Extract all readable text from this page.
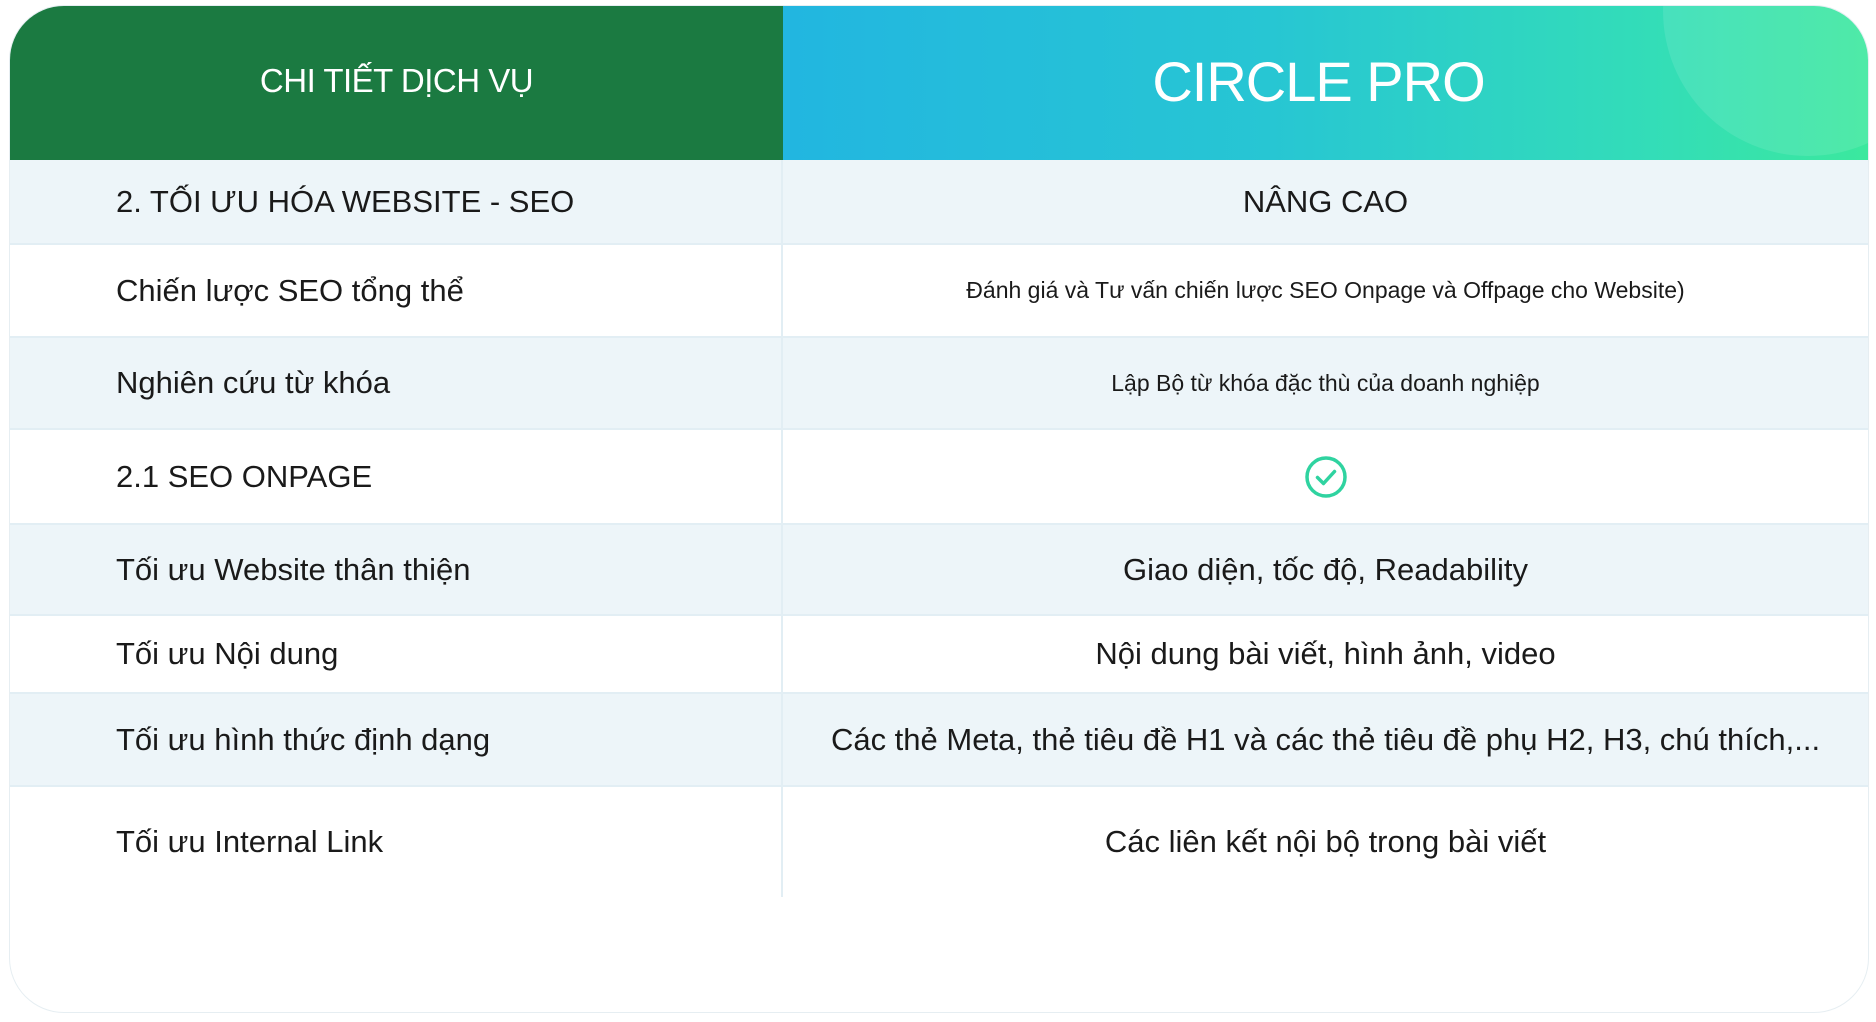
CHI TIẾT DỊCH VỤ	CIRCLE PRO
2. TỐI ƯU HÓA WEBSITE - SEO	NÂNG CAO
Chiến lược SEO tổng thể	Đánh giá và Tư vấn chiến lược SEO Onpage và Offpage cho Website)
Nghiên cứu từ khóa	Lập Bộ từ khóa đặc thù của doanh nghiệp
2.1 SEO ONPAGE
Tối ưu Website thân thiện	Giao diện, tốc độ, Readability
Tối ưu Nội dung	Nội dung bài viết, hình ảnh, video
Tối ưu hình thức định dạng	Các thẻ Meta, thẻ tiêu đề H1 và các thẻ tiêu đề phụ H2, H3, chú thích,...
Tối ưu Internal Link	Các liên kết nội bộ trong bài viết
